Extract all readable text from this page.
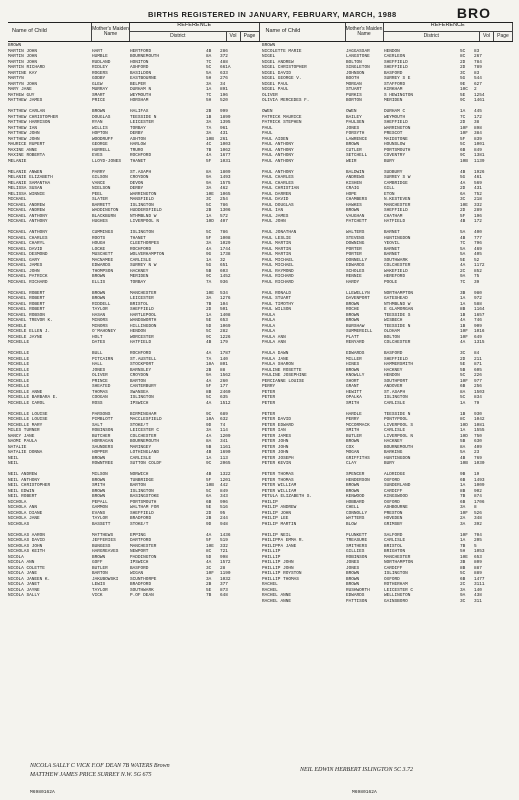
BIRTHS REGISTERED IN JANUARY, FEBRUARY, MARCH, 1988	BRO
Name of Child	Mother's Maiden Name
REFERENCE
District	Vol	Page
Name of Child	Mother's Maiden Name
REFERENCE
District	Vol	Page
BROWN
MARTIN JOHN	HART	HERTFORD	4B	286
MARTIN JOHN	HUMBLE	BOURNEMOUTH	8A	372
MARTIN JOHN	RUDLAND	HONITON	7C	488
MARTIN RICHARD	RIDLEY	ASHFORD	5C	661A
MARTINE KAY	ROGERS	BASILDON	5A	633
MARTYN	GODBY	EASTBOURNE	5H	276
MARTYN JOHN	GLEW	BELPER	3A	34
MARY JANE	MURRAY	DURHAM N	1A	891
MATHEW GUY	SMART	WEYMOUTH	7C	196
MATTHEW JAMES	PRICE	HORSHAM	5H	520
MATTHEW CARLAN	BROWN	HALIFAX	2B	999
MATTHEW CHRISTOPHER	DOUGLAS	TEESSIDE N	1B	1899
MATTHEW HARRISON	RYAN	LEICESTER	3A	1395
MATTHEW IAN	WILLIS	TORBAY	7A	961
MATTHEW JOHN	HOPTON	DERBY	3A	431
MATTHEW JOHN	WOODRUFF	ASHTON	10B	261
MAURICE RUPERT	GEORGE	HARLOW	4C	1003
MAXINE ANNE	HURRELL	TRURO	7B	1062
MAXINE ROBERTA	EVES	ROCHFORD	4A	1677
MELANIE	LLOYD-JONES	THANET	5F	1031
MELANIE ANWEN	PARRY	ST.ASAPH	8A	1809
MELANIE ELIZABETH	GILSON	CROYDON	9A	1493
MELANIE SAMANTHA	VANCE	DEVON	9A	1575
MELISSA SUSAN	NIELSON	DERBY	3A	462
MELISSA WINNIE	PEEL	WARRINGTON	10E	1065
MICHAEL	SLATER	MANSFIELD	3C	254
MICHAEL ANDREW	BARRETT	ISLINGTON	5C	786
MICHAEL ANDREW	WADDINGTON	HUDDERSFIELD	2B	1306
MICHAEL ANTHONY	BLACKBURN	NTHMBLND W	1A	572
MICHAEL ANTHONY	HUGHES	LIVERPOOL N	10D	407
MICHAEL ANTHONY	CUMMINGS	ISLINGTON	5C	786
MICHAEL CHARLES	ROOTS	THANET	5F	1008
MICHAEL CHARYL	HOUGH	CLEETHORPES	3A	1029
MICHAEL DAVID	LOCKE	ROCHFORD	4A	1744
MICHAEL DESMOND	MUSCHETT	WOLVERHAMPTON	9G	1738
MICHAEL GARY	MACNAMEE	CARLISLE	1A	32
MICHAEL JAMES	EDWARDS	SURREY N W	5G	651
MICHAEL JOHN	THOMPSON	HACKNEY	5B	603
MICHAEL PATRICK	BROWN	MERIDEN	9C	1452
MICHAEL RICHARD	ELLIS	TORBAY	7A	936
MICHAEL ROBERT	BROWN	MANCHESTER	10E	534
MICHAEL ROBERT	BROWN	LEICESTER	3A	1276
MICHAEL ROBERT	RIDDELL	BRISTOL	7B	104
MICHAEL ROBERT	TAYLOR	SHEFFIELD	2D	501
MICHAEL ROBSON	HASAN	HARTLEPOOL	1A	1408
MICHAEL TREVOR K.	MINORS	WANDSWORTH	5E	653
MICHELE	MINORS	HILLINGDON	5D	1069
MICHELE ELLEN J.	O'MAHONEY	HENDON	5C	282
MICHELE JAYNE	HOLT	WORCESTER	9C	1226
MICHELLE	DATES	HATFIELD	4B	179
MICHELLE	BULL	ROCHFORD	4A	1787
MICHELLE	PITCAIRN	ST.AUSTELL	7A	140
MICHELLE	HALL	STOCKPORT	10A	801
MICHELLE	JONES	BARNSLEY	2B	88
MICHELLE	OLIVER	CROYDON	9A	1562
MICHELLE	PRINCE	BARTON	4A	260
MICHELLE	SHEATED	CANTERBURY	5F	177
MICHELLE ANNE	THOMAS	SWANSEA	8B	2460
MICHELLE BARBARA E.	COOGAN	ISLINGTON	5C	635
MICHELLE CAROL	ROSS	IPSWICH	4A	1512
MICHELLE LOUISE	PARSONS	BIRMINGHAM	9C	689
MICHELLE LOUISE	PIMBLOTT	MACCLESFIELD	10A	632
MICHELLE MARY	SALT	STOKE/T	9D	74
MILES TURNER	ROBINSON	LEICESTER C	3A	114
NANCY JANE	BUTCHER	COLCHESTER	4A	1209
NAOMI PAULA	HORRAGAN	BOURNEMOUTH	8A	341
NATALIE	SAUNDERS	MARINGEY	5B	1161
NATALIE DONNA	HOPPER	LOTHINGLAND	4B	1690
NEIL	BROWN	CARLISLE	1A	113
NEIL	ROWNTREE	SUTTON COLDF	9C	2065
NEIL ANDREW	MILSON	NORWICH	4B	1322
NEIL ANTHONY	BROWN	TUNBRIDGE	5F	1201
NEIL CHRISTOPHER	SMITH	BARTON	10B	442
NEIL EDWIN	BROWN	ISLINGTON	5C	849
NEIL ROBERT	BROWN	BASINGSTOKE	6A	343
NICHOLA	PEPALL	PORTSMOUTH	6B	996
NICHOLA ANN	GAMMON	WALTHAM FOR	5E	516
NICHOLA DIANE	EVANS	SHEFFIELD	2D	95
NICHOLA JANE	TAYLOR	BRADFORD	2B	244
NICHOLAS	BASSETT	STOKE/T	9D	948
NICHOLAS AARON	MATTHEWS	EPPING	4A	1436
NICHOLAS DAVID	JEFFERIES	DARTFORD	5F	519
NICHOLAS JOHN	BUNGESS	MANCHESTER	10E	332
NICHOLAS KEITH	HARGREAVES	NEWPORT	8C	721
NICOLA	BROWN	PADDINGTON	5D	998
NICOLA ANN	GOFF	IPSWICH	4A	1572
NICOLA COLETTE	BUTLER	BASFORD	3C	28
NICOLA JANE	BARTON	WIGAN	10F	1190
NICOLA JANEEN K.	JAKUBOWSKI	SCUNTHORPE	3A	1032
NICOLA JANET	LEWIS	BRADFORD	2B	377
NICOLA JAYNE	TAYLOR	SOUTHWARK	5E	873
NICOLA SALLY	VICK	P.OF DEAN	7B	648
BROWN
NICOLETTE MARIE	JAGGASSAR	HENDON	5C	83
NIGEL	LANGSTONE	CAERLEON	8C	267
NIGEL ANDREW	BOLTON	SHEFFIELD	2D	784
NIGEL CHRISTOPHER	SINGLETON	SHEFFIELD	2D	789
NIGEL DAVID	JOHNSON	BASFORD	3C	83
NIGEL GEORGE V.	BOOTH	SURREY S E	5G	544
NIGEL PAUL	MORGAN	STAFFORD	9E	627
NIGEL PAUL	STUART	KIRKHAM	10C	2
OLIVER	PURKIS	S HEWINGTON	5E	1254
OLIVIA MERCEDES F.	BORTON	MERIDEN	9C	1461
OWEN	OWEN	DURHAM C	1A	445
PATRICK MAURICE	BAILEY	WEYMOUTH	7C	172
PATRICK STEPHEN	PAULSEN	SHEFFIELD	2D	38
PAUL	JONES	WARRINGTON	10F	898
PAUL	FORSYTH	PRESCOT	10F	384
PAUL AIDEN	LAWRENCE	MAIDSTONE	5F	839
PAUL ANTHONY	BROWN	HOUNSLOW	5C	1001
PAUL ANTHONY	CUTLER	PORTSMOUTH	6B	849
PAUL ANTHONY	SETCHELL	COVENTRY	9C	1381
PAUL ANTHONY	WEIR	BURY	10B	1139
PAUL ANTHONY	BALDWIN	SUDBURY	4B	1926
PAUL CHARLES	ANDREWS	SURREY S W	5G	461
PAUL CHARLES	KISHEN	CAMBRIDGE	4A	569
PAUL CHRISTIAN	CRAIG	GILL	2D	431
PAUL DARREN	HOPE	ETON	6A	752
PAUL DAVID	CHAMBERS	N.KESTEVEN	3C	218
PAUL DOUGLAS	HAWKES	MANCHESTER	10E	332
PAUL IAN	BROWN	SHEFFIELD	2D	289
PAUL JAMES	VAUGHAN	CHATHAM	5F	196
PAUL JOHN	PATCHETT	HATFIELD	4B	172
PAUL JONATHAN	WALTERS	BARNET	5A	400
PAUL LESLIE	STEVENS	HUNTINGDON	4B	777
PAUL MARTIN	DOWNING	YEOVIL	7C	796
PAUL MARTIN	PORTER	BARNET	5A	469
PAUL MARTIN	PORTER	BARNET	5A	405
PAUL MICHAEL	DONNELLY	SOUTHWARK	5E	52
PAUL MICHAEL	EDWARDS	COLCHESTER	4A	1172
PAUL RAYMOND	SCHOLES	WAKEFIELD	2C	852
PAUL RICHARD	RENNIE	HEREFORD	9A	75
PAUL RICHARD	HARDY	POOLE	7C	39
PAUL RONALD	LLEWELLYN	NORTHAMPTON	3B	980
PAUL STUART	DAVENPORT	GATESHEAD	1A	972
PAUL TIMOTHY	BROWN	NTHMBLND W	1A	588
PAUL WILSON	ROCHE	E GLAMORGAN	8B	1164
PAULA	BROWN	TEESSIDE S	1B	1657
PAULA	BROWN	WISBECH	4A	746
PAULA	BURSHAW	TEESSIDE N	1B	909
PAULA	SUMMERGILL	OLDHAM	10F	1016
PAULA ANN	PLATT	BOLTON	10F	649
PAULA ANN	RENYARD	COLCHESTER	4A	1315
PAULA DAWN	EDWARDS	BASFORD	3C	84
PAULA JANE	MILLER	SHEFFIELD	2D	211
PAULA SHARON	HINES	HAMMERSMITH	5E	871
PAULINE ROSETTE	BROWN	HACKNEY	5B	605
PAULINE JOSEPHINE	KNOWLLY	HENDON	5C	226
PERCIANNE LOUISE	SHORT	SOUTHPORT	10F	977
PERRY	GRANT	ANDOVER	6B	256
PETER	HEWITT	ST.ASAPH	8A	1503
PETER	OPALKA	ISLINGTON	5C	834
PETER	SMITH	CARLISLE	1A	79
PETER	HARDLE	TEESSIDE N	1B	930
PETER DAVID	PERRY	PONTYPOOL	8C	1042
PETER EDWARD	MCCORMACK	LIVERPOOL S	10D	1081
PETER IAN	SMITH	CARLISLE	1A	1555
PETER JAMES	BUTLER	LIVERPOOL N	10D	750
PETER JOHN	BROWN	HACKNEY	5B	630
PETER JOHN	COX	BOURNEMOUTH	8A	409
PETER JOHN	MOGAN	BARKING	5A	23
PETER JOSEPH	GRIFFITHS	HUNTINGDON	4B	769
PETER KEVIN	CLAY	BURY	10B	1030
PETER THOMAS	SPENCER	ALDRIDGE	9B	19
PETER THOMAS	HENDERSON	OXFORD	6B	1493
PETER WILLIAM	BROWN	SUNDERLAND	1A	1009
PETER WILLIAM	BROWN	CARDIFF	8B	902
PETULA ELIZABETH S.	KENWOOD	KINGSWOOD	7B	874
PHILIP	HOBBARD	OXFORD	6B	1706
PHILIP ANDREW	CHELL	ASHBOURNE	3A	8
PHILIP JOHN	CONNOLLY	PRESTON	10F	526
PHILIP LEE	WATTERS	HOVEDEN	2A	348
PHILIP MARTIN	BLOW	GRIMSBY	3A	392
PHILIP NEIL	PLUNKETT	SALFORD	10F	704
PHILIPPA EMMA R.	TREASURE	CARLISLE	1A	205
PHILIPPA JANE	SMITHERS	BRISTOL	7B	5
PHILLIP	GILLIES	BRIGHTON	5H	1053
PHILLIP	ROBINSON	MANCHESTER	10E	653
PHILLIP JOHN	JONES	NORTHAMPTON	3B	809
PHILLIP JOHN	JONES	CARDIFF	8B	887
PHILLIP ROYSTON	BROWN	ISLINGTON	5C	889
PHILLIP THOMAS	BROWN	OXFORD	6B	1477
RACHEL	BROWN	ROTHERHAM	2C	3111
RACHEL	RUSHWORTH	LEICESTER C	3A	140
RACHEL ANNE	EDWARDS	WELLINGTON	9A	438
RACHEL ANNE	PATTISON	GAINSBORO	3C	311
NICOLA SALLY C VICK F.OF DEAN 7B WATERS Brown
MATTHEW JAMES PRICE SURREY N.W. 5G 675
NEIL EDWIN HERBERT ISLINGTON 5C 3.72
M6980162A	M6980162A
